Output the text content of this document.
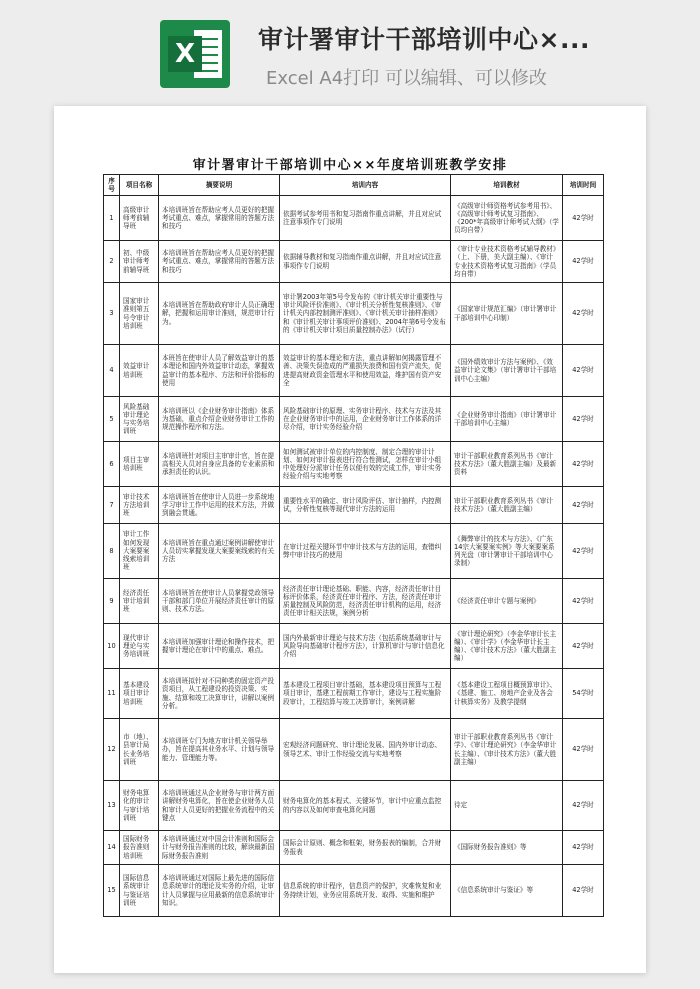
X	审计署审计干部培训中心×...
Excel A4打印 可以编辑、可以修改
审计署审计干部培训中心××年度培训班教学安排
序号	项目名称	摘要说明	培训内容	培训教材	培训时间
1	高级审计师考前辅导班	本培训班旨在帮助应考人员更好的把握考试重点、难点，掌握常用的答题方法和技巧	依据考试参考用书和复习指南作重点讲解，并且对应试注意事项作专门说明	《高级审计师资格考试参考用书》、《高级审计师考试复习指南》、《200*年高级审计师考试大纲》（学员均自带）	42学时
2	初、中级审计师考前辅导班	本培训班旨在帮助应考人员更好的把握考试重点、难点，掌握常用的答题方法和技巧	依据辅导教材和复习指南作重点讲解，并且对应试注意事项作专门说明	《审计专业技术资格考试辅导教材》（上、下册，美大副主编）、《审计专业技术资格考试复习指南》（学员均自带）	42学时
3	国家审计准则第五号令审计培训班	本培训班旨在帮助政府审计人员正确理解，把握和运用审计准则，规范审计行为。	审计署2003年第5号令发布的《审计机关审计重要性与审计风险评价准则》、《审计机关分析性复核准则》、《审计机关内部控制测评准则》、《审计机关审计抽样准则》和《审计机关审计事项评价准则》、2004年第6号令发布的《审计机关审计项目质量控制办法》（试行）	《国家审计规范汇编》（审计署审计干部培训中心印制）	42学时
4	效益审计培训班	本班旨在使审计人员了解效益审计的基本理论和国内外效益审计动态，掌握效益审计的基本程序、方法和评价指标的使用	效益审计的基本理论和方法，重点讲解如何揭露管理不善、决策失误造成的严重损失浪费和国有资产流失，促进提高财政资金管理水平和使用效益，维护国有资产安全	《国外绩效审计方法与案例》、《效益审计论文集》（审计署审计干部培训中心主编）	42学时
5	风险基础审计理论与实务培训班	本培训班以《企业财务审计指南》体系为基础，重点介绍企业财务审计工作的规范操作程序和方法。	风险基础审计的原理、实务审计程序、技术与方法及其在企业财务审计中的运用，企业财务审计工作体系的详尽介绍，审计实务经验介绍	《企业财务审计指南》（审计署审计干部培训中心主编）	42学时
6	项目主审培训班	本培训班针对项目主审审计官，旨在提高相关人员对自身应具备的专业素质和承担责任的认识。	如何测试被审计单位的内控制度、制定合理的审计计划、如何对审计报表进行符合性测试，怎样在审计小组中处理好分派审计任务以便有效的完成工作，审计实务经验介绍与实地考察	审计干部职业教育系列丛书《审计技术方法》（董大胜副主编）及最新资料	42学时
7	审计技术方法培训班	本培训班旨在使审计人员进一步系统地学习审计工作中运用的技术方法，并做到融会贯通。	重要性水平的确定、审计风险评估、审计抽样，内控测试，分析性复核等现代审计方法的运用	审计干部职业教育系列丛书《审计技术方法》（董大胜副主编）	42学时
8	审计工作如何发现大案要案线索培训班	本培训班旨在重点通过案例讲解使审计人员切实掌握发现大案要案线索的有关方法	在审计过程关键环节中审计技术与方法的运用，查错纠弊中审计技巧的使用	《舞弊审计的技术与方法》、《广东14宗大案要案实例》等大案要案系列光盘（审计署审计干部培训中心录制）	42学时
9	经济责任审计培训班	本培训班旨在使审计人员掌握党政领导干部和部门单位开展经济责任审计的原则、技术方法。	经济责任审计理论基础、职能、内容，经济责任审计目标评价体系，经济责任审计程序、方法，经济责任审计质量控制及风险防范，经济责任审计机构的运用，经济责任审计相关法规，案例分析	《经济责任审计专题与案例》	42学时
10	现代审计理论与实务培训班	本培训班加强审计理论和操作技术，把握审计理论在审计中的重点、难点。	国内外最新审计理论与技术方法（包括系统基础审计与风险导向基础审计程序方法），计算机审计与审计信息化介绍	《审计理论研究》（李金华审计长主编）、《审计学》（李金华审计长主编）、《审计技术方法》（董大胜副主编）	42学时
11	基本建设项目审计培训班	本培训班拟针对不同种类的固定资产投资项目，从工程建设的投资决策、实施、结算和竣工决算审计，讲解以案例分析。	基本建设工程项目审计基础，基本建设项目预算与工程项目审计，基建工程前期工作审计，建设与工程实施阶段审计，工程结算与竣工决算审计，案例讲解	《基本建设工程项目概预算审计》、《基建、施工、房地产企业及各会计核算实务》及教学提纲	54学时
12	市（地）、县审计局长业务培训班	本培训班专门为地方审计机关领导举办，旨在提高其业务水平、计划与领导能力、管理能力等。	宏观经济问题研究、审计理论发展、国内外审计动态、领导艺术、审计工作经验交流与实地考察	审计干部职业教育系列丛书《审计学》、《审计理论研究》（李金华审计长主编）、《审计技术方法》（董大胜副主编）	42学时
13	财务电算化的审计与审计培训班	本培训班通过从企业财务与审计两方面讲解财务电算化，旨在使企业财务人员和审计人员更好的把握业务流程中的关键点	财务电算化的基本程式、关键环节，审计中应重点监控的内容以及如何审查电算化问题	待定	42学时
14	国际财务报告准则培训班	本培训班通过对中国会计准则和国际会计与财务报告准则的比较，解读最新国际财务报告准则	国际会计原则、概念和框架，财务报表的编制，合并财务报表	《国际财务报告准则》等	42学时
15	国际信息系统审计与鉴证培训班	本培训班通过对国际上最先进的国际信息系统审计的理论及实务的介绍，让审计人员掌握与应用最新的信息系统审计知识。	信息系统的审计程序，信息资产的保护，灾难恢复和业务持续计划，业务应用系统开发、取得、实施和维护	《信息系统审计与鉴证》等	42学时
